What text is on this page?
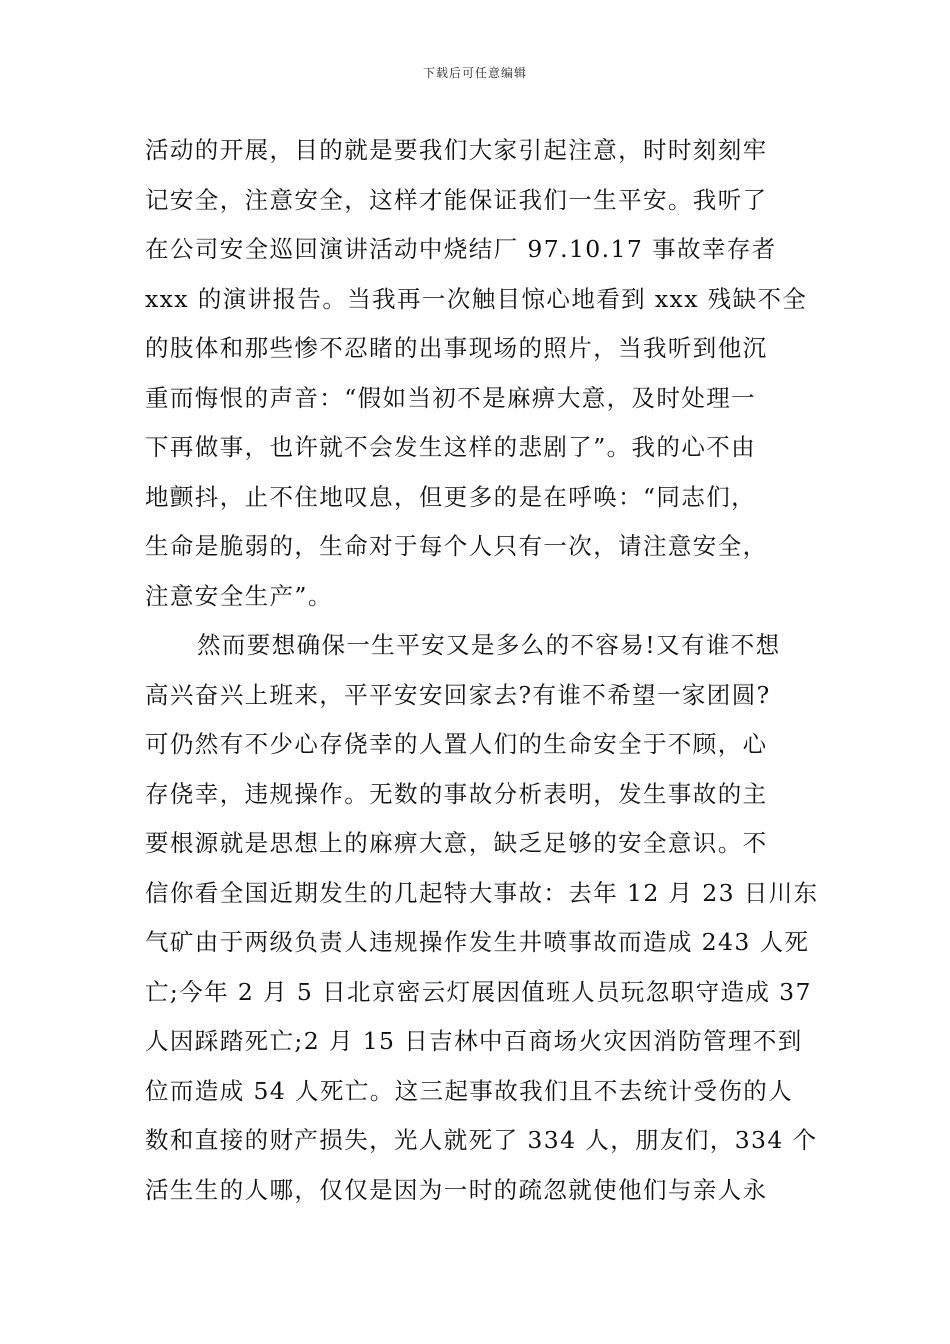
下载后可任意编辑
活动的开展，目的就是要我们大家引起注意，时时刻刻牢
记安全，注意安全，这样才能保证我们一生平安。我听了
在公司安全巡回演讲活动中烧结厂 97.10.17 事故幸存者
xxx 的演讲报告。当我再一次触目惊心地看到 xxx 残缺不全
的肢体和那些惨不忍睹的出事现场的照片，当我听到他沉
重而悔恨的声音：“假如当初不是麻痹大意，及时处理一
下再做事，也许就不会发生这样的悲剧了”。我的心不由
地颤抖，止不住地叹息，但更多的是在呼唤：“同志们，
生命是脆弱的，生命对于每个人只有一次，请注意安全，
注意安全生产”。
然而要想确保一生平安又是多么的不容易!又有谁不想
高兴奋兴上班来，平平安安回家去?有谁不希望一家团圆?
可仍然有不少心存侥幸的人置人们的生命安全于不顾，心
存侥幸，违规操作。无数的事故分析表明，发生事故的主
要根源就是思想上的麻痹大意，缺乏足够的安全意识。不
信你看全国近期发生的几起特大事故：去年 12 月 23 日川东
气矿由于两级负责人违规操作发生井喷事故而造成 243 人死
亡;今年 2 月 5 日北京密云灯展因值班人员玩忽职守造成 37
人因踩踏死亡;2 月 15 日吉林中百商场火灾因消防管理不到
位而造成 54 人死亡。这三起事故我们且不去统计受伤的人
数和直接的财产损失，光人就死了 334 人，朋友们，334 个
活生生的人哪，仅仅是因为一时的疏忽就使他们与亲人永
